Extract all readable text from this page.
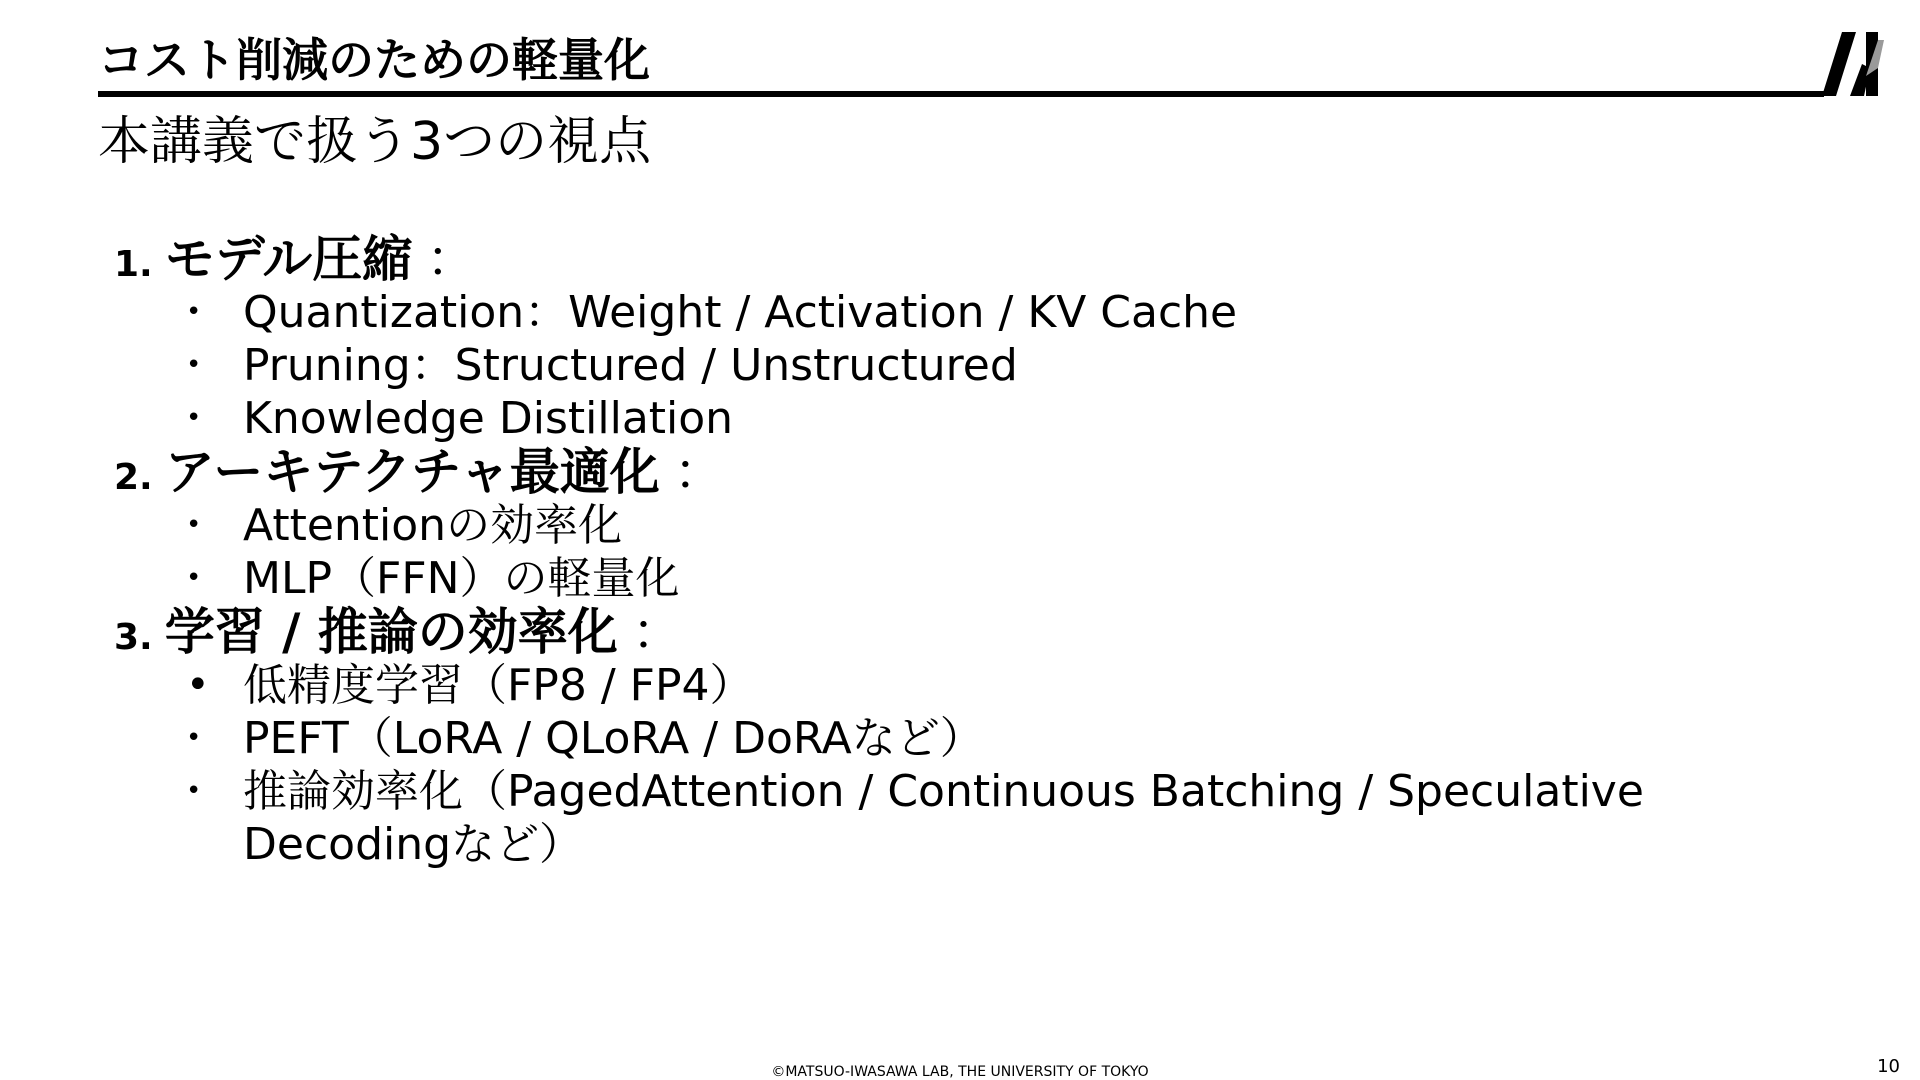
コスト削減のための軽量化
本講義で扱う3つの視点
1. モデル圧縮 ：
• Quantization：Weight / Activation / KV Cache
• Pruning：Structured / Unstructured
• Knowledge Distillation
2. アーキテクチャ最適化 ：
• Attentionの効率化
• MLP（FFN）の軽量化
3. 学習 / 推論の効率化 ：
• 低精度学習（FP8 / FP4）
• PEFT（LoRA / QLoRA / DoRAなど）
• 推論効率化（PagedAttention / Continuous Batching / Speculative Decodingなど）
©MATSUO-IWASAWA LAB, THE UNIVERSITY OF TOKYO	10
